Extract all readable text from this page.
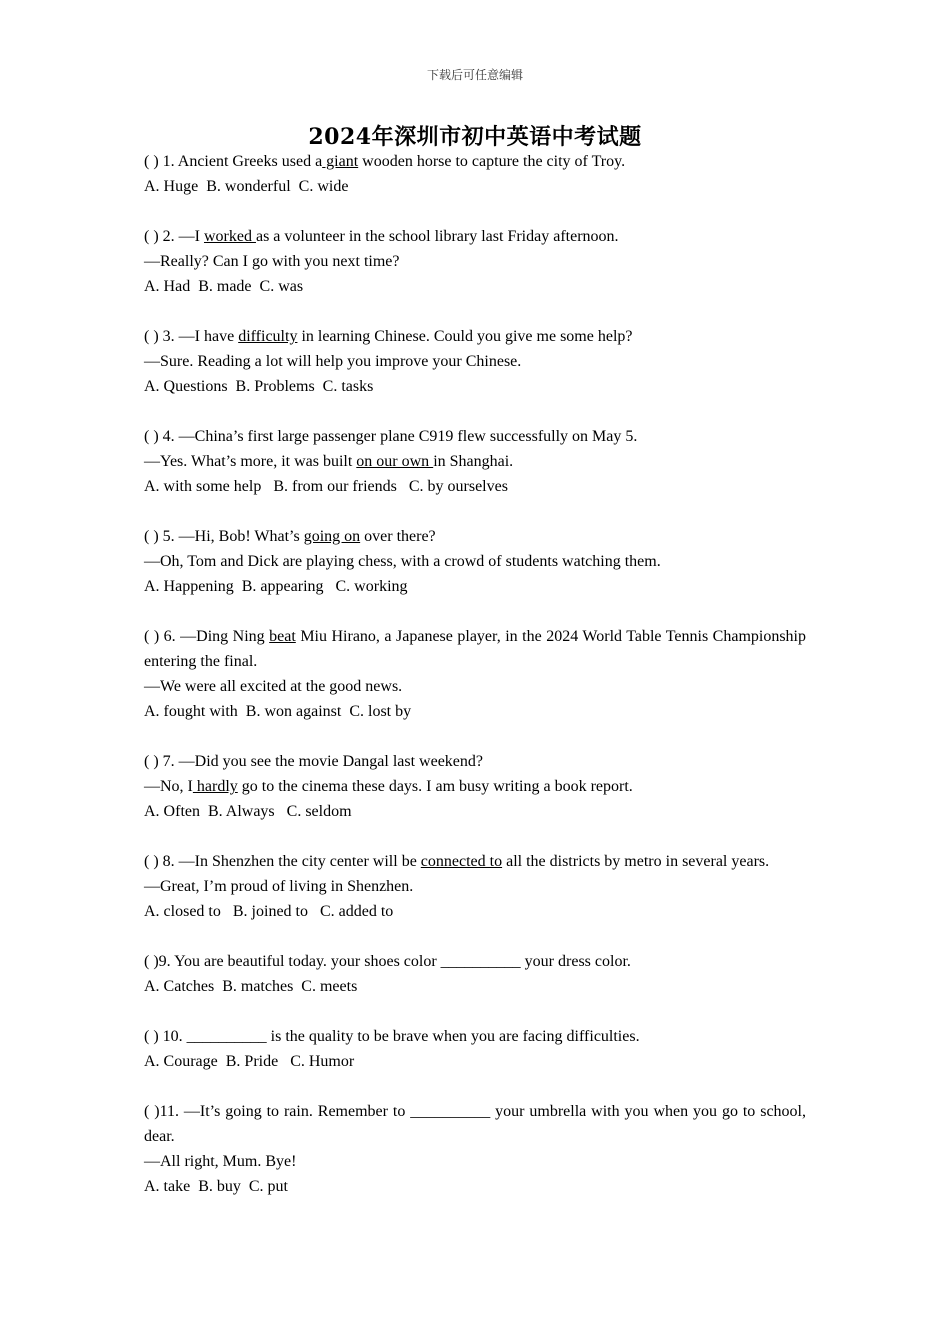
下载后可任意编辑
2024年深圳市初中英语中考试题
( ) 1. Ancient Greeks used a giant wooden horse to capture the city of Troy.
A. Huge  B. wonderful  C. wide
( ) 2. —I worked as a volunteer in the school library last Friday afternoon.
—Really? Can I go with you next time?
A. Had  B. made  C. was
( ) 3. —I have difficulty in learning Chinese. Could you give me some help?
—Sure. Reading a lot will help you improve your Chinese.
A. Questions  B. Problems  C. tasks
( ) 4. —China’s first large passenger plane C919 flew successfully on May 5.
—Yes. What’s more, it was built on our own in Shanghai.
A. with some help   B. from our friends   C. by ourselves
( ) 5. —Hi, Bob! What’s going on over there?
—Oh, Tom and Dick are playing chess, with a crowd of students watching them.
A. Happening  B. appearing   C. working
( ) 6. —Ding Ning beat Miu Hirano, a Japanese player, in the 2024 World Table Tennis Championship entering the final.
—We were all excited at the good news.
A. fought with  B. won against  C. lost by
( ) 7. —Did you see the movie Dangal last weekend?
—No, I hardly go to the cinema these days. I am busy writing a book report.
A. Often  B. Always   C. seldom
( ) 8. —In Shenzhen the city center will be connected to all the districts by metro in several years.
—Great, I’m proud of living in Shenzhen.
A. closed to   B. joined to   C. added to
( )9. You are beautiful today. your shoes color __________ your dress color.
A. Catches  B. matches  C. meets
( ) 10. __________ is the quality to be brave when you are facing difficulties.
A. Courage  B. Pride   C. Humor
( )11. —It’s going to rain. Remember to __________ your umbrella with you when you go to school, dear.
—All right, Mum. Bye!
A. take  B. buy  C. put
